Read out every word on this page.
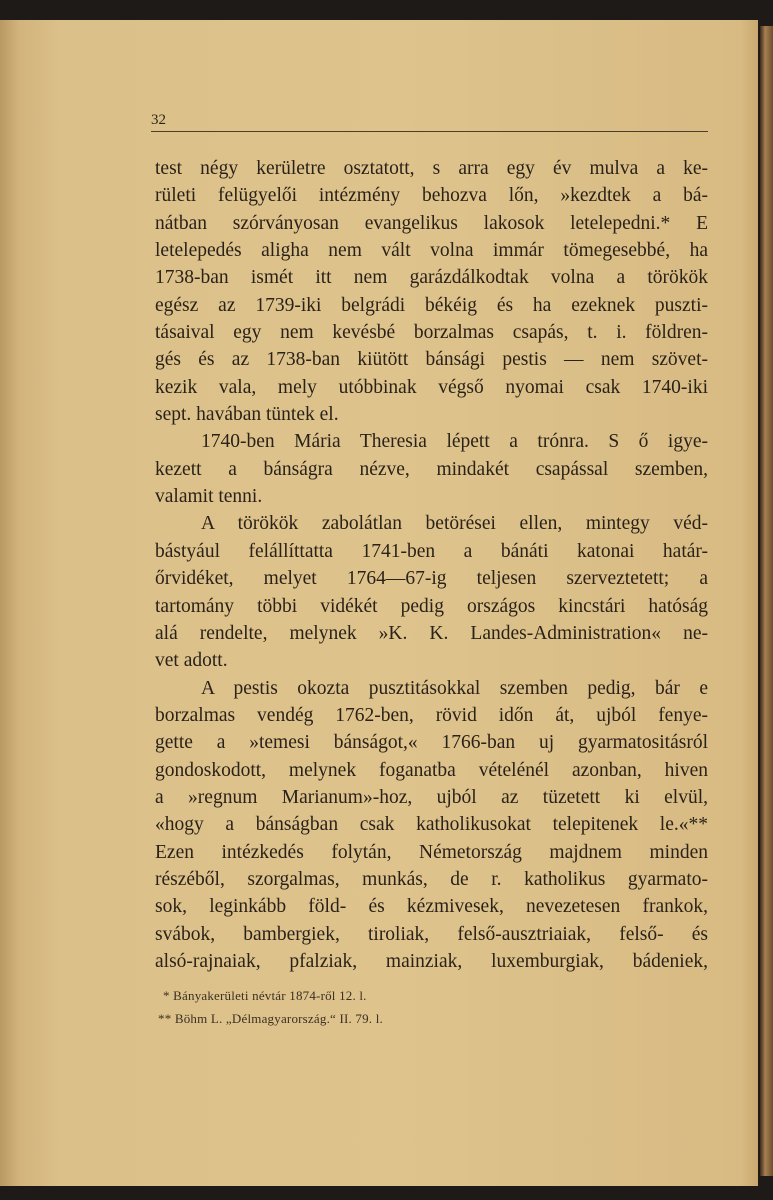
32
test négy kerületre osztatott, s arra egy év mulva a ke-
rületi felügyelői intézmény behozva lőn, »kezdtek a bá-
nátban szórványosan evangelikus lakosok letelepedni.* E
letelepedés aligha nem vált volna immár tömegesebbé, ha
1738-ban ismét itt nem garázdálkodtak volna a törökök
egész az 1739-iki belgrádi békéig és ha ezeknek puszti-
tásaival egy nem kevésbé borzalmas csapás, t. i. földren-
gés és az 1738-ban kiütött bánsági pestis — nem szövet-
kezik vala, mely utóbbinak végső nyomai csak 1740-iki
sept. havában tüntek el.
1740-ben Mária Theresia lépett a trónra. S ő igye-
kezett a bánságra nézve, mindakét csapással szemben,
valamit tenni.
A törökök zabolátlan betörései ellen, mintegy véd-
bástyául felállíttatta 1741-ben a bánáti katonai határ-
őrvidéket, melyet 1764—67-ig teljesen szerveztetett; a
tartomány többi vidékét pedig országos kincstári hatóság
alá rendelte, melynek »K. K. Landes-Administration« ne-
vet adott.
A pestis okozta pusztitásokkal szemben pedig, bár e
borzalmas vendég 1762-ben, rövid időn át, ujból fenye-
gette a »temesi bánságot,« 1766-ban uj gyarmatositásról
gondoskodott, melynek foganatba vételénél azonban, hiven
a »regnum Marianum»-hoz, ujból az tüzetett ki elvül,
«hogy a bánságban csak katholikusokat telepitenek le.«**
Ezen intézkedés folytán, Németország majdnem minden
részéből, szorgalmas, munkás, de r. katholikus gyarmato-
sok, leginkább föld- és kézmivesek, nevezetesen frankok,
svábok, bambergiek, tiroliak, felső-ausztriaiak, felső- és
alsó-rajnaiak, pfalziak, mainziak, luxemburgiak, bádeniek,
* Bányakerületi névtár 1874-ről 12. l.
** Böhm L. „Délmagyarország.“ II. 79. l.
